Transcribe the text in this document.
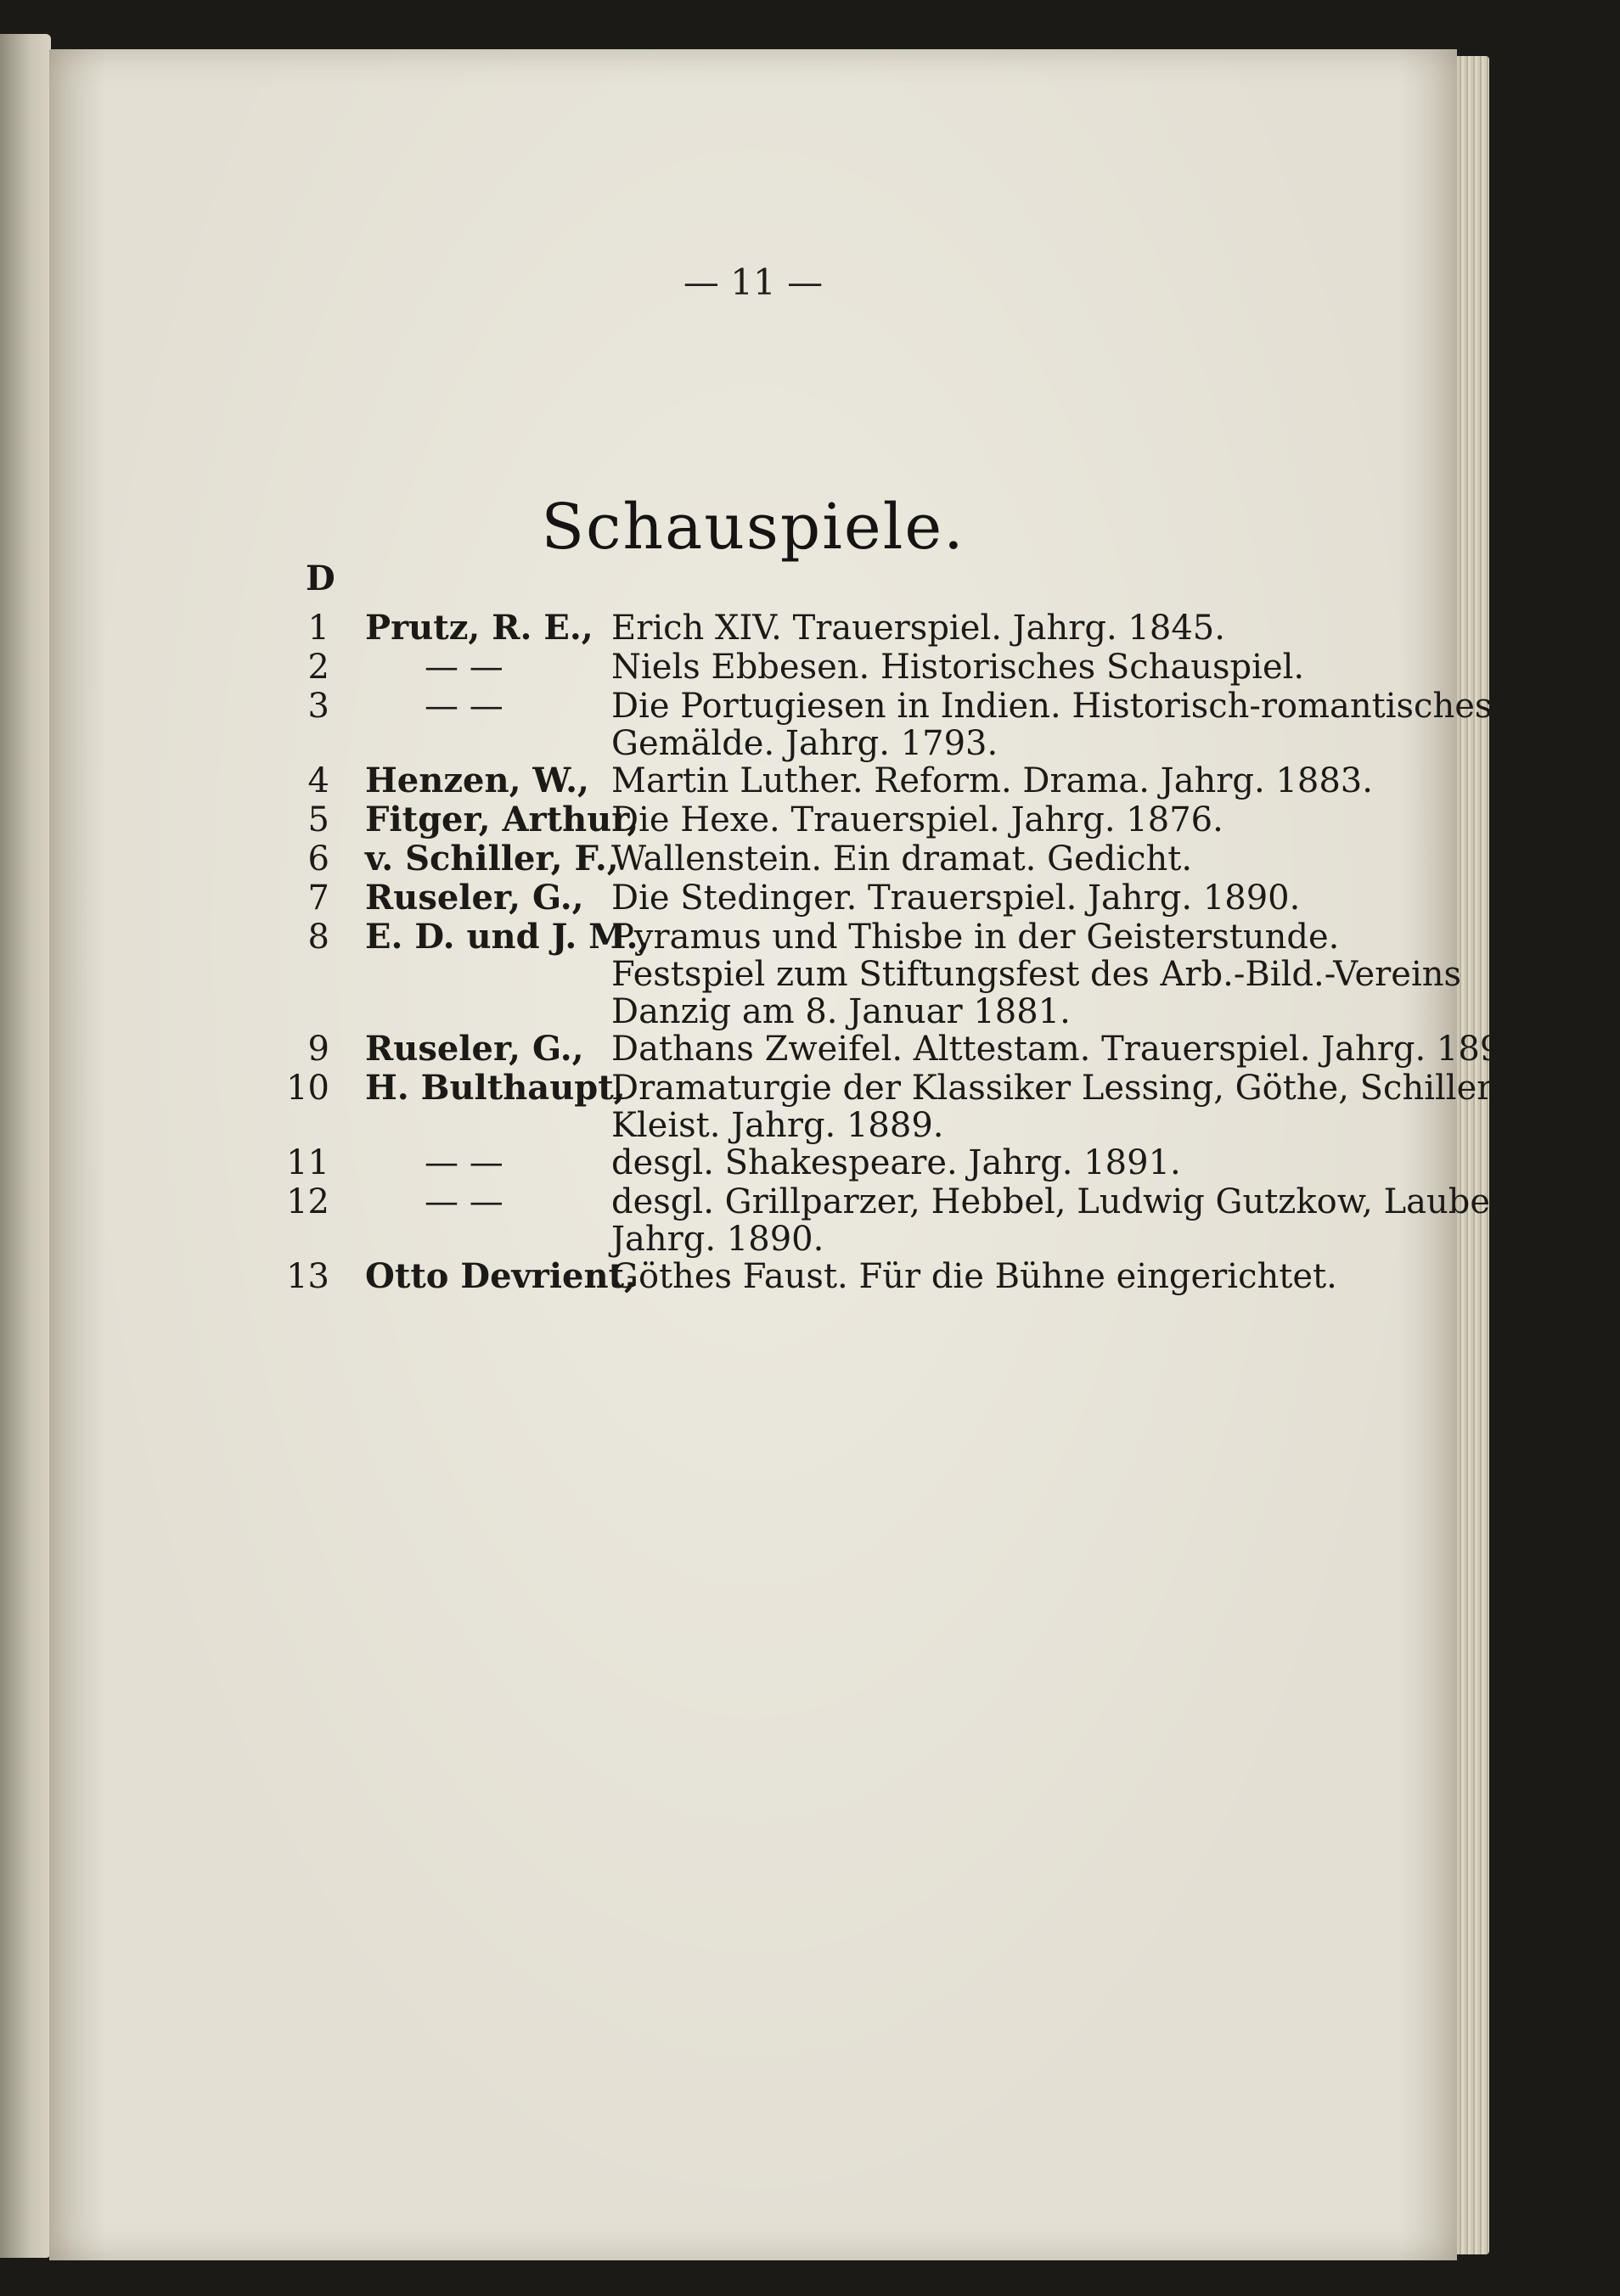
— 11 —
Schauspiele.
D
1 Prutz, R. E., Erich XIV. Trauerspiel. Jahrg. 1845.
2	— —	Niels Ebbesen. Historisches Schauspiel.
3	— —	Die Portugiesen in Indien. Historisch-romantisches
Gemälde. Jahrg. 1793.
4 Henzen, W., Martin Luther. Reform. Drama. Jahrg. 1883.
5 Fitger, Arthur,
Die Hexe. Trauerspiel. Jahrg. 1876.
6 v. Schiller, F.,
Wallenstein. Ein dramat. Gedicht.
7 Ruseler, G., Die Stedinger. Trauerspiel. Jahrg. 1890.
8 E. D. und J. M.,
Pyramus und Thisbe in der Geisterstunde.
Festspiel zum Stiftungsfest des Arb.-Bild.-Vereins
Danzig am 8. Januar 1881.
9 Ruseler, G., Dathans Zweifel. Alttestam. Trauerspiel. Jahrg. 1891.
10 H. Bulthaupt,
Dramaturgie der Klassiker Lessing, Göthe, Schiller,
Kleist. Jahrg. 1889.
11	— —	desgl. Shakespeare. Jahrg. 1891.
12	— —	desgl. Grillparzer, Hebbel, Ludwig Gutzkow, Laube.
Jahrg. 1890.
13 Otto Devrient,
Göthes Faust. Für die Bühne eingerichtet.
